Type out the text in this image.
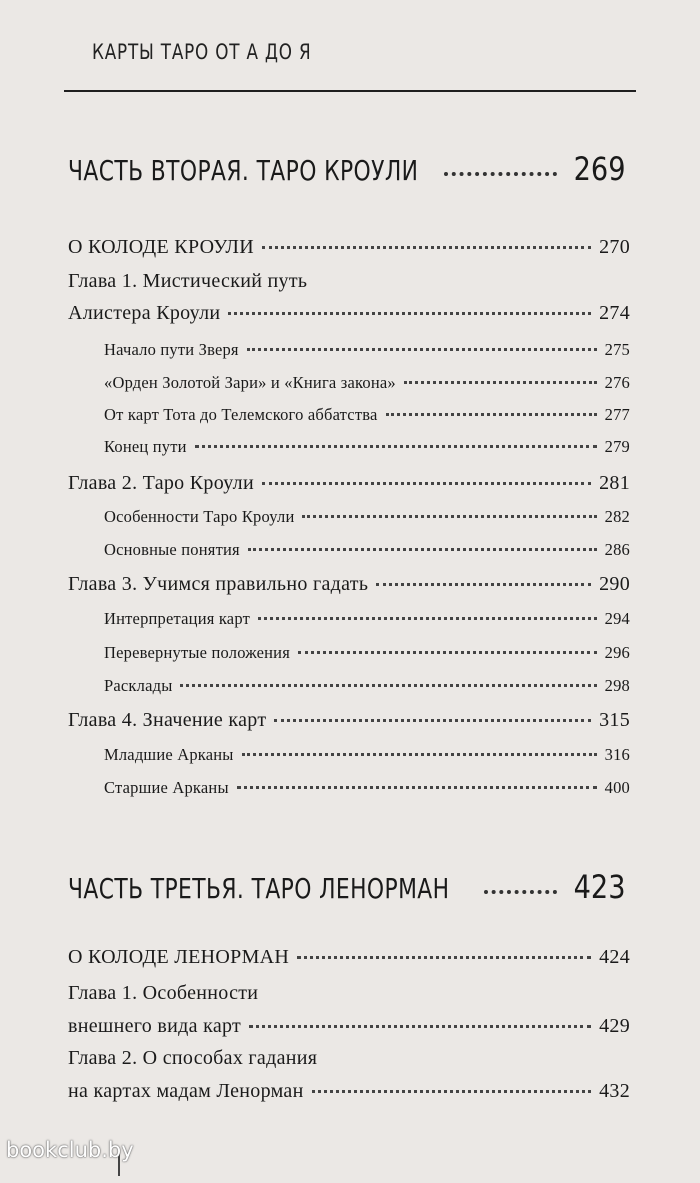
КАРТЫ ТАРО ОТ А ДО Я
ЧАСТЬ ВТОРАЯ. ТАРО КРОУЛИ	269
О КОЛОДЕ КРОУЛИ	270
Глава 1. Мистический путь
Алистера Кроули	274
Начало пути Зверя	275
«Орден Золотой Зари» и «Книга закона»	276
От карт Тота до Телемского аббатства	277
Конец пути	279
Глава 2. Таро Кроули	281
Особенности Таро Кроули	282
Основные понятия	286
Глава 3. Учимся правильно гадать	290
Интерпретация карт	294
Перевернутые положения	296
Расклады	298
Глава 4. Значение карт	315
Младшие Арканы	316
Старшие Арканы	400
ЧАСТЬ ТРЕТЬЯ. ТАРО ЛЕНОРМАН	423
О КОЛОДЕ ЛЕНОРМАН	424
Глава 1. Особенности
внешнего вида карт	429
Глава 2. О способах гадания
на картах мадам Ленорман	432
bookclub.by
